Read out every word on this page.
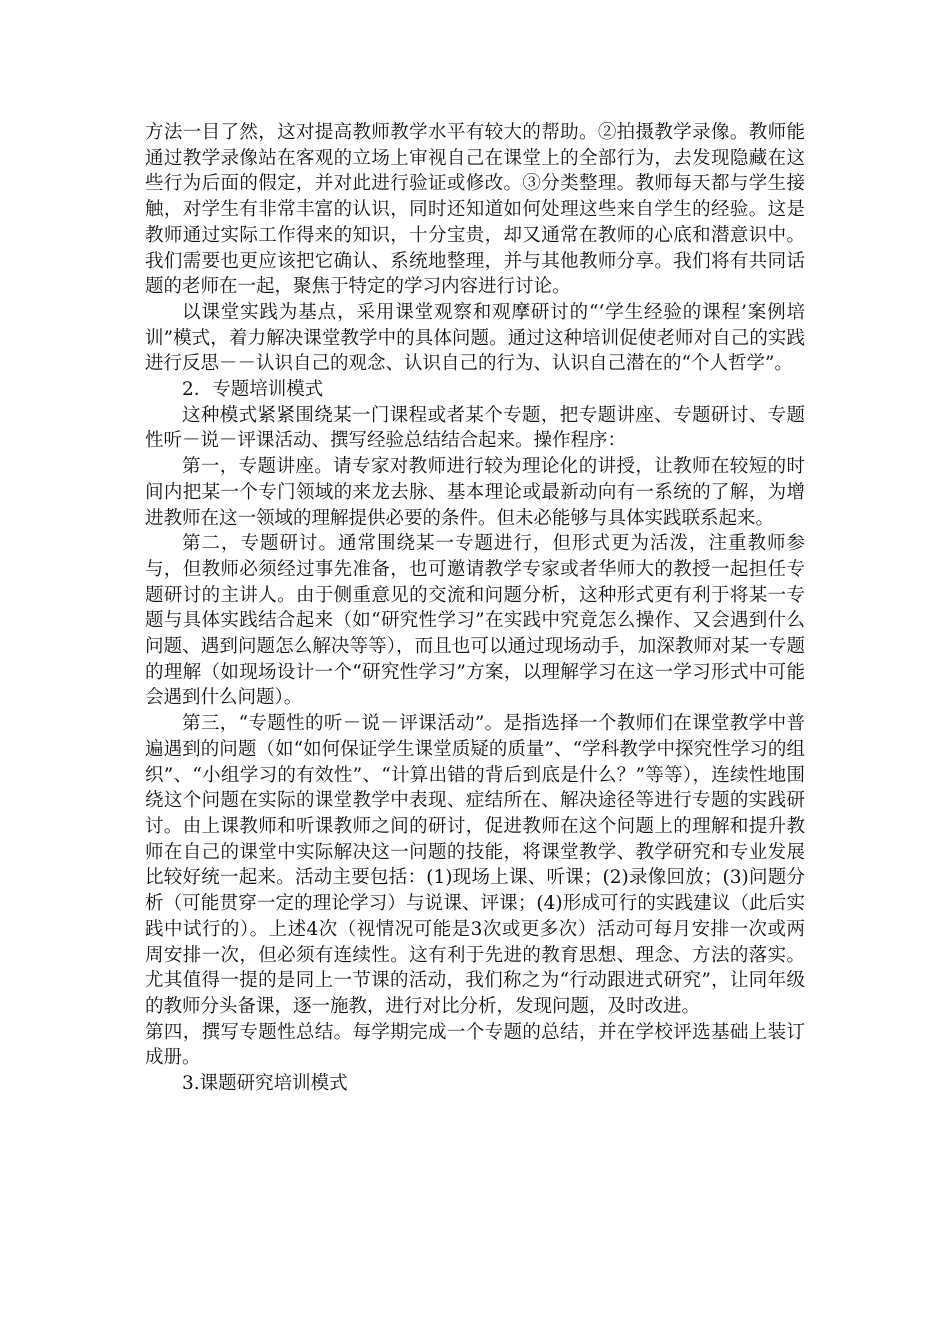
方法一目了然，这对提高教师教学水平有较大的帮助。②拍摄教学录像。教师能通过教学录像站在客观的立场上审视自己在课堂上的全部行为，去发现隐藏在这些行为后面的假定，并对此进行验证或修改。③分类整理。教师每天都与学生接触，对学生有非常丰富的认识，同时还知道如何处理这些来自学生的经验。这是教师通过实际工作得来的知识，十分宝贵，却又通常在教师的心底和潜意识中。我们需要也更应该把它确认、系统地整理，并与其他教师分享。我们将有共同话题的老师在一起，聚焦于特定的学习内容进行讨论。

以课堂实践为基点，采用课堂观察和观摩研讨的“‘学生经验的课程’案例培训”模式，着力解决课堂教学中的具体问题。通过这种培训促使老师对自己的实践进行反思－－认识自己的观念、认识自己的行为、认识自己潜在的“个人哲学”。

2．专题培训模式

这种模式紧紧围绕某一门课程或者某个专题，把专题讲座、专题研讨、专题性听－说－评课活动、撰写经验总结结合起来。操作程序：

第一，专题讲座。请专家对教师进行较为理论化的讲授，让教师在较短的时间内把某一个专门领域的来龙去脉、基本理论或最新动向有一系统的了解，为增进教师在这一领域的理解提供必要的条件。但未必能够与具体实践联系起来。

第二，专题研讨。通常围绕某一专题进行，但形式更为活泼，注重教师参与，但教师必须经过事先准备，也可邀请教学专家或者华师大的教授一起担任专题研讨的主讲人。由于侧重意见的交流和问题分析，这种形式更有利于将某一专题与具体实践结合起来（如“研究性学习”在实践中究竟怎么操作、又会遇到什么问题、遇到问题怎么解决等等），而且也可以通过现场动手，加深教师对某一专题的理解（如现场设计一个“研究性学习”方案，以理解学习在这一学习形式中可能会遇到什么问题）。

第三，“专题性的听－说－评课活动”。是指选择一个教师们在课堂教学中普遍遇到的问题（如“如何保证学生课堂质疑的质量”、“学科教学中探究性学习的组织”、“小组学习的有效性”、“计算出错的背后到底是什么？”等等），连续性地围绕这个问题在实际的课堂教学中表现、症结所在、解决途径等进行专题的实践研讨。由上课教师和听课教师之间的研讨，促进教师在这个问题上的理解和提升教师在自己的课堂中实际解决这一问题的技能，将课堂教学、教学研究和专业发展比较好统一起来。活动主要包括：(1)现场上课、听课；(2)录像回放；(3)问题分析（可能贯穿一定的理论学习）与说课、评课；(4)形成可行的实践建议（此后实践中试行的）。上述4次（视情况可能是3次或更多次）活动可每月安排一次或两周安排一次，但必须有连续性。这有利于先进的教育思想、理念、方法的落实。尤其值得一提的是同上一节课的活动，我们称之为“行动跟进式研究”，让同年级的教师分头备课，逐一施教，进行对比分析，发现问题，及时改进。

第四，撰写专题性总结。每学期完成一个专题的总结，并在学校评选基础上装订成册。

3.课题研究培训模式
